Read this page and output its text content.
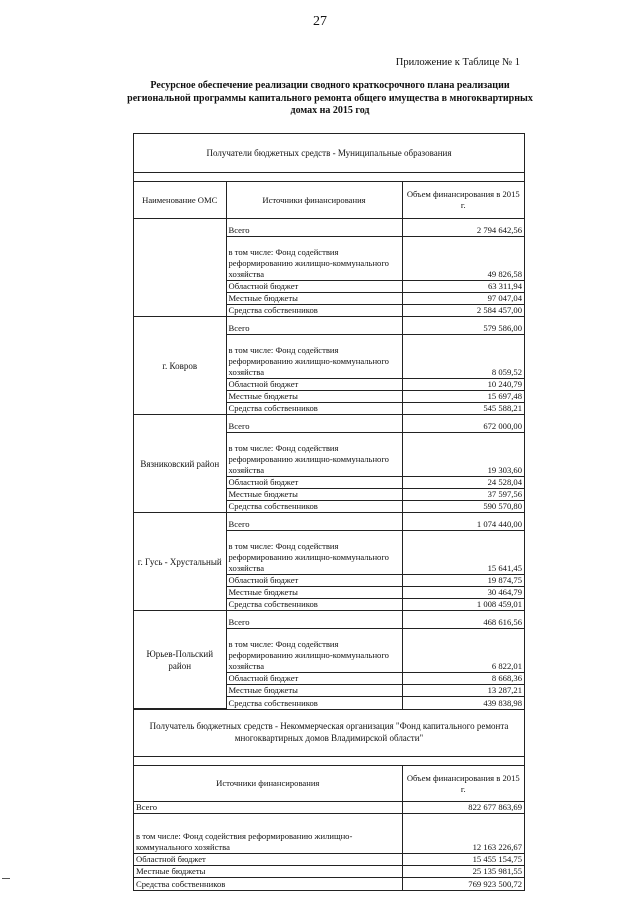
27
Приложение к Таблице № 1
Ресурсное обеспечение реализации сводного краткосрочного плана реализации региональной программы капитального ремонта общего имущества в многоквартирных домах на 2015 год
Получатели бюджетных средств - Муниципальные образования
Наименование ОМС	Источники финансирования	Объем финансирования в 2015 г.
	Всего	2 794 642,56
	в том числе: Фонд содействия реформированию жилищно-коммунального хозяйства	49 826,58
	Областной бюджет	63 311,94
	Местные бюджеты	97 047,04
	Средства собственников	2 584 457,00
г. Ковров	Всего	579 586,00
	в том числе: Фонд содействия реформированию жилищно-коммунального хозяйства	8 059,52
	Областной бюджет	10 240,79
	Местные бюджеты	15 697,48
	Средства собственников	545 588,21
Вязниковский район	Всего	672 000,00
	в том числе: Фонд содействия реформированию жилищно-коммунального хозяйства	19 303,60
	Областной бюджет	24 528,04
	Местные бюджеты	37 597,56
	Средства собственников	590 570,80
г. Гусь - Хрустальный	Всего	1 074 440,00
	в том числе: Фонд содействия реформированию жилищно-коммунального хозяйства	15 641,45
	Областной бюджет	19 874,75
	Местные бюджеты	30 464,79
	Средства собственников	1 008 459,01
Юрьев-Польский район	Всего	468 616,56
	в том числе: Фонд содействия реформированию жилищно-коммунального хозяйства	6 822,01
	Областной бюджет	8 668,36
	Местные бюджеты	13 287,21
	Средства собственников	439 838,98
Получатель бюджетных средств - Некоммерческая организация "Фонд капитального ремонта многоквартирных домов Владимирской области"
Источники финансирования	Объем финансирования в 2015 г.
Всего	822 677 863,69
в том числе: Фонд содействия реформированию жилищно-коммунального хозяйства	12 163 226,67
Областной бюджет	15 455 154,75
Местные бюджеты	25 135 981,55
Средства собственников	769 923 500,72
